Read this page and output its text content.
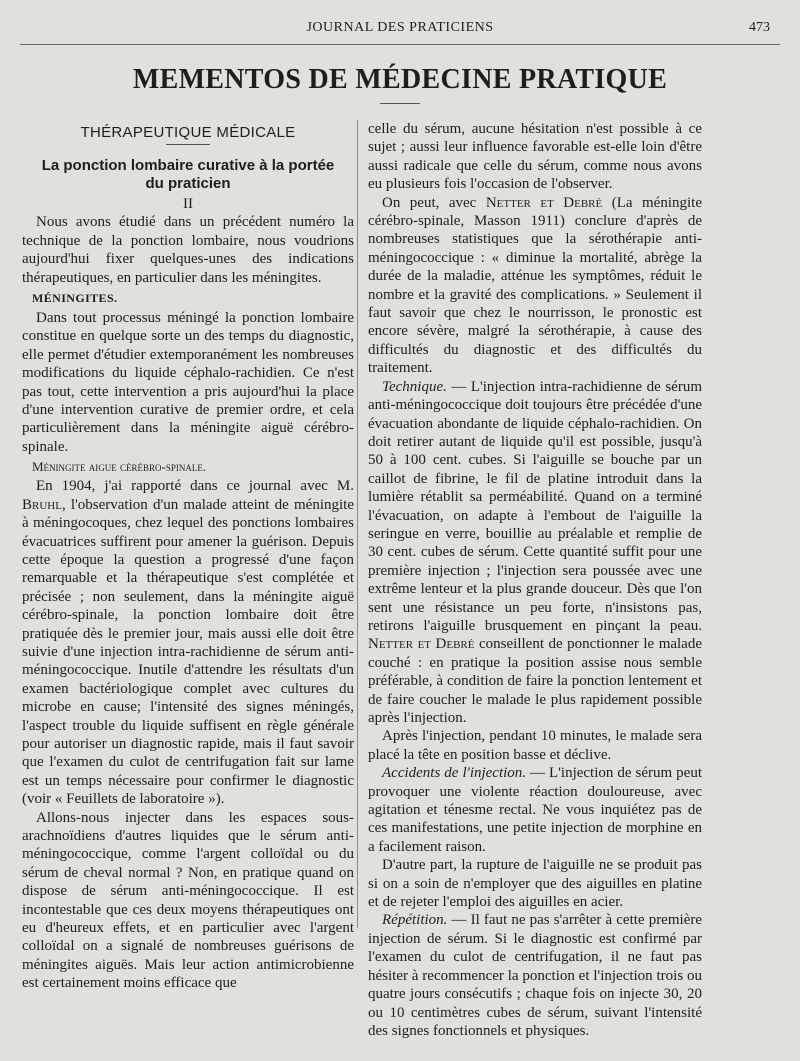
JOURNAL DES PRATICIENS	473
MEMENTOS DE MÉDECINE PRATIQUE
THÉRAPEUTIQUE MÉDICALE
La ponction lombaire curative à la portée du praticien
II

Nous avons étudié dans un précédent numéro la technique de la ponction lombaire, nous voudrions aujourd'hui fixer quelques-unes des indications thérapeutiques, en particulier dans les méningites.

MÉNINGITES.

Dans tout processus méningé la ponction lombaire constitue en quelque sorte un des temps du diagnostic, elle permet d'étudier extemporanément les nombreuses modifications du liquide céphalo-rachidien. Ce n'est pas tout, cette intervention a pris aujourd'hui la place d'une intervention curative de premier ordre, et cela particulièrement dans la méningite aiguë cérébro-spinale.

Méningite aigue cérébro-spinale.

En 1904, j'ai rapporté dans ce journal avec M. Bruhl, l'observation d'un malade atteint de méningite à méningocoques, chez lequel des ponctions lombaires évacuatrices suffirent pour amener la guérison. Depuis cette époque la question a progressé d'une façon remarquable et la thérapeutique s'est complétée et précisée ; non seulement, dans la méningite aiguë cérébro-spinale, la ponction lombaire doit être pratiquée dès le premier jour, mais aussi elle doit être suivie d'une injection intra-rachidienne de sérum anti-méningococcique. Inutile d'attendre les résultats d'un examen bactériologique complet avec cultures du microbe en cause; l'intensité des signes méningés, l'aspect trouble du liquide suffisent en règle générale pour autoriser un diagnostic rapide, mais il faut savoir que l'examen du culot de centrifugation fait sur lame est un temps nécessaire pour confirmer le diagnostic (voir « Feuillets de laboratoire »).

Allons-nous injecter dans les espaces sous-arachnoïdiens d'autres liquides que le sérum anti-méningococcique, comme l'argent colloïdal ou du sérum de cheval normal ? Non, en pratique quand on dispose de sérum anti-méningococcique. Il est incontestable que ces deux moyens thérapeutiques ont eu d'heureux effets, et en particulier avec l'argent colloïdal on a signalé de nombreuses guérisons de méningites aiguës. Mais leur action antimicrobienne est certainement moins efficace que

celle du sérum, aucune hésitation n'est possible à ce sujet ; aussi leur influence favorable est-elle loin d'être aussi radicale que celle du sérum, comme nous avons eu plusieurs fois l'occasion de l'observer.

On peut, avec Netter et Debré (La méningite cérébro-spinale, Masson 1911) conclure d'après de nombreuses statistiques que la sérothérapie anti-méningococcique : « diminue la mortalité, abrège la durée de la maladie, atténue les symptômes, réduit le nombre et la gravité des complications. » Seulement il faut savoir que chez le nourrisson, le pronostic est encore sévère, malgré la sérothérapie, à cause des difficultés du diagnostic et des difficultés du traitement.

Technique. — L'injection intra-rachidienne de sérum anti-méningococcique doit toujours être précédée d'une évacuation abondante de liquide céphalo-rachidien. On doit retirer autant de liquide qu'il est possible, jusqu'à 50 à 100 cent. cubes. Si l'aiguille se bouche par un caillot de fibrine, le fil de platine introduit dans la lumière rétablit sa perméabilité. Quand on a terminé l'évacuation, on adapte à l'embout de l'aiguille la seringue en verre, bouillie au préalable et remplie de 30 cent. cubes de sérum. Cette quantité suffit pour une première injection ; l'injection sera poussée avec une extrême lenteur et la plus grande douceur. Dès que l'on sent une résistance un peu forte, n'insistons pas, retirons l'aiguille brusquement en pinçant la peau. Netter et Debré conseillent de ponctionner le malade couché : en pratique la position assise nous semble préférable, à condition de faire la ponction lentement et de faire coucher le malade le plus rapidement possible après l'injection.

Après l'injection, pendant 10 minutes, le malade sera placé la tête en position basse et déclive.

Accidents de l'injection. — L'injection de sérum peut provoquer une violente réaction douloureuse, avec agitation et ténesme rectal. Ne vous inquiétez pas de ces manifestations, une petite injection de morphine en a facilement raison.

D'autre part, la rupture de l'aiguille ne se produit pas si on a soin de n'employer que des aiguilles en platine et de rejeter l'emploi des aiguilles en acier.

Répétition. — Il faut ne pas s'arrêter à cette première injection de sérum. Si le diagnostic est confirmé par l'examen du culot de centrifugation, il ne faut pas hésiter à recommencer la ponction et l'injection trois ou quatre jours consécutifs ; chaque fois on injecte 30, 20 ou 10 centimètres cubes de sérum, suivant l'intensité des signes fonctionnels et physiques.
